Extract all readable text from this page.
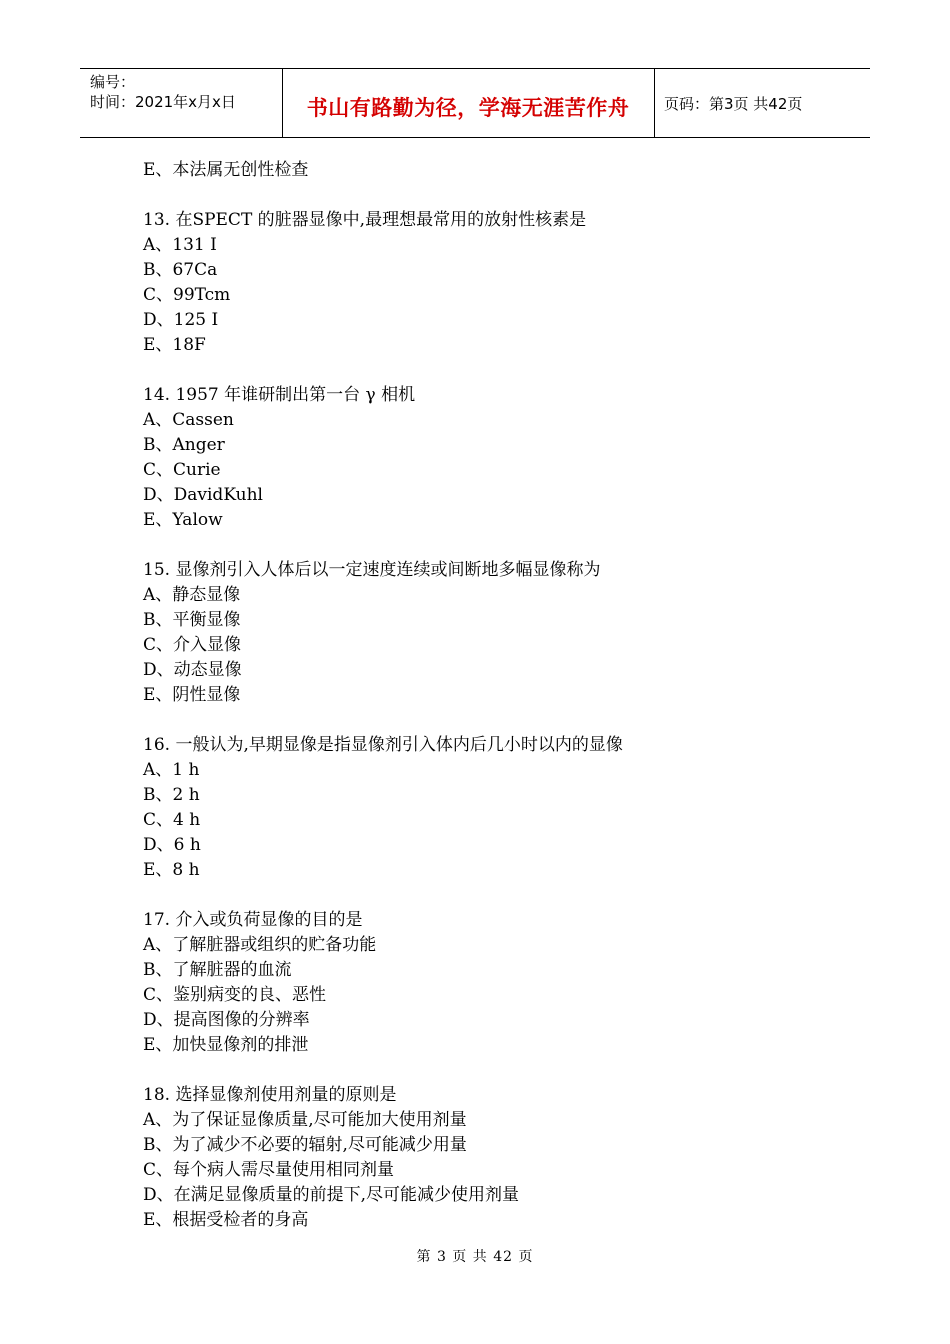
编号：
时间：2021年x月x日	书山有路勤为径，学海无涯苦作舟	页码：第3页 共42页
E、本法属无创性检查
13. 在SPECT 的脏器显像中,最理想最常用的放射性核素是
A、131 I
B、67Ca
C、99Tcm
D、125 I
E、18F
14. 1957 年谁研制出第一台 γ 相机
A、Cassen
B、Anger
C、Curie
D、DavidKuhl
E、Yalow
15. 显像剂引入人体后以一定速度连续或间断地多幅显像称为
A、静态显像
B、平衡显像
C、介入显像
D、动态显像
E、阴性显像
16. 一般认为,早期显像是指显像剂引入体内后几小时以内的显像
A、1 h
B、2 h
C、4 h
D、6 h
E、8 h
17. 介入或负荷显像的目的是
A、了解脏器或组织的贮备功能
B、了解脏器的血流
C、鉴别病变的良、恶性
D、提高图像的分辨率
E、加快显像剂的排泄
18. 选择显像剂使用剂量的原则是
A、为了保证显像质量,尽可能加大使用剂量
B、为了减少不必要的辐射,尽可能减少用量
C、每个病人需尽量使用相同剂量
D、在满足显像质量的前提下,尽可能减少使用剂量
E、根据受检者的身高
第 3 页 共 42 页
